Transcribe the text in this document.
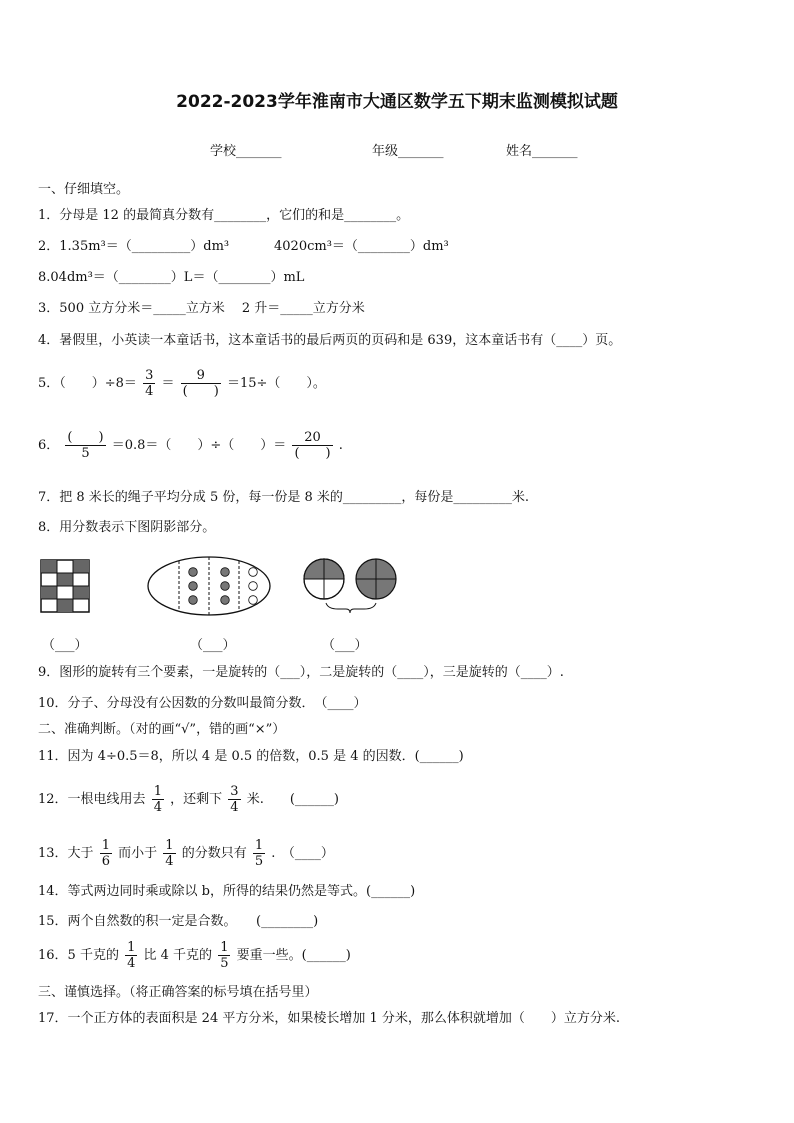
2022-2023学年淮南市大通区数学五下期末监测模拟试题
学校_______	年级_______	姓名_______
一、仔细填空。
1．分母是 12 的最简真分数有________，它们的和是________。
2．1.35m³＝（_________）dm³	4020cm³＝（________）dm³
8.04dm³＝（________）L＝（________）mL
3．500 立方分米＝_____立方米　 2 升＝_____立方分米
4．暑假里，小英读一本童话书，这本童话书的最后两页的页码和是 639，这本童话书有（____）页。
5．（　　）$\div 8= \frac{3}{4} = \frac{9}{( )} =15\div$（　　）。
6． $\frac{( )}{5} =0.8=$（　　）÷（　　）＝ $\frac{20}{( )}$ .
7．把 8 米长的绳子平均分成 5 份，每一份是 8 米的_________，每份是_________米.
8．用分数表示下图阴影部分。
（___）	（___）	（___）
9．图形的旋转有三个要素，一是旋转的（___），二是旋转的（____），三是旋转的（____）.
10．分子、分母没有公因数的分数叫最简分数．　（____）
二、准确判断。（对的画“√”，错的画“×”）
11．因为 4÷0.5＝8，所以 4 是 0.5 的倍数，0.5 是 4 的因数．(______)
12．一根电线用去 $\frac{1}{4}$ ，还剩下 $\frac{3}{4}$ 米.　　(______)
13．大于 $\frac{1}{6}$ 而小于 $\frac{1}{4}$ 的分数只有 $\frac{1}{5}$ .　（____）
14．等式两边同时乘或除以 b，所得的结果仍然是等式。(______)
15．两个自然数的积一定是合数。　　(________)
16．5 千克的 $\frac{1}{4}$ 比 4 千克的 $\frac{1}{5}$ 要重一些。(______)
三、谨慎选择。（将正确答案的标号填在括号里）
17．一个正方体的表面积是 24 平方分米，如果棱长增加 1 分米，那么体积就增加（　　）立方分米.
